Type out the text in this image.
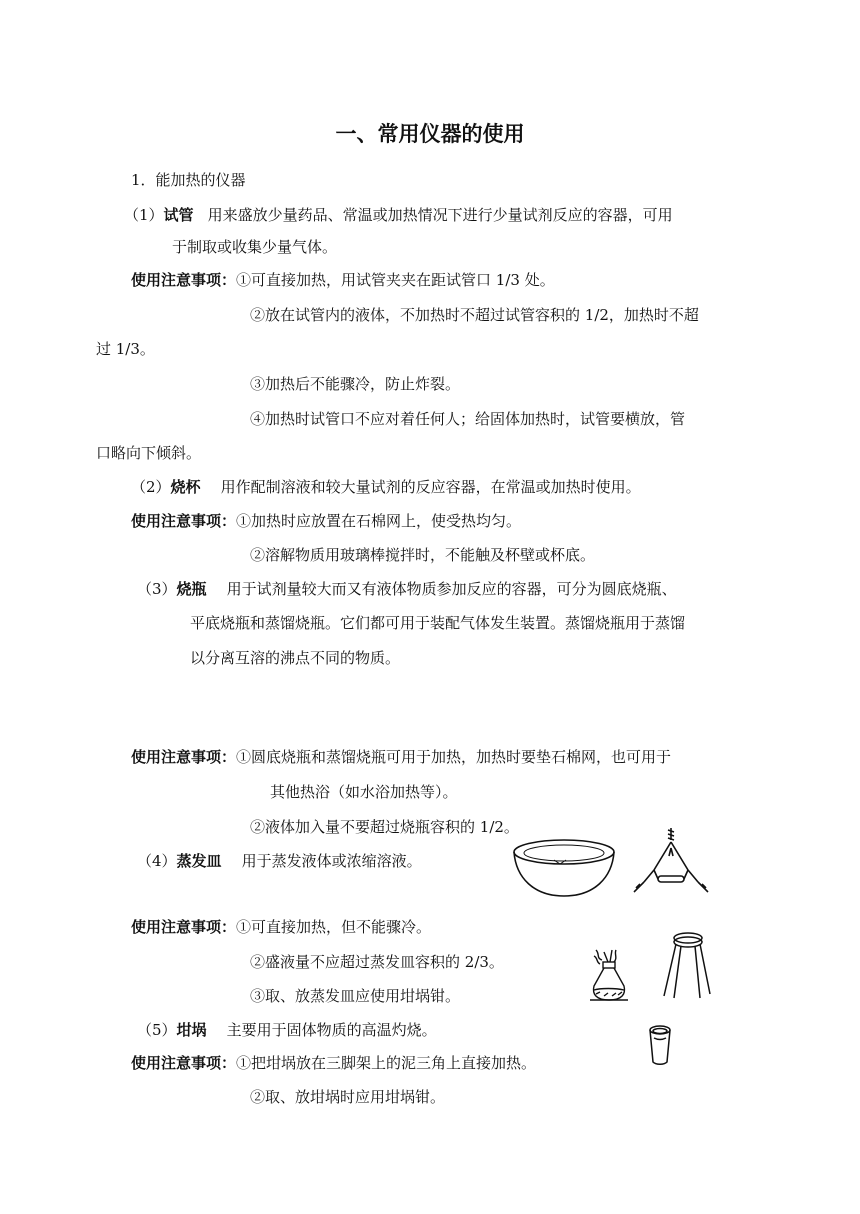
一、常用仪器的使用
1．能加热的仪器
（1）试管 用来盛放少量药品、常温或加热情况下进行少量试剂反应的容器，可用
于制取或收集少量气体。
使用注意事项：①可直接加热，用试管夹夹在距试管口 1/3 处。
②放在试管内的液体，不加热时不超过试管容积的 1/2，加热时不超
过 1/3。
③加热后不能骤冷，防止炸裂。
④加热时试管口不应对着任何人；给固体加热时，试管要横放，管
口略向下倾斜。
（2）烧杯 用作配制溶液和较大量试剂的反应容器，在常温或加热时使用。
使用注意事项：①加热时应放置在石棉网上，使受热均匀。
②溶解物质用玻璃棒搅拌时，不能触及杯壁或杯底。
（3）烧瓶 用于试剂量较大而又有液体物质参加反应的容器，可分为圆底烧瓶、
平底烧瓶和蒸馏烧瓶。它们都可用于装配气体发生装置。蒸馏烧瓶用于蒸馏
以分离互溶的沸点不同的物质。
使用注意事项：①圆底烧瓶和蒸馏烧瓶可用于加热，加热时要垫石棉网，也可用于
其他热浴（如水浴加热等）。
②液体加入量不要超过烧瓶容积的 1/2。
（4）蒸发皿 用于蒸发液体或浓缩溶液。
使用注意事项：①可直接加热，但不能骤冷。
②盛液量不应超过蒸发皿容积的 2/3。
③取、放蒸发皿应使用坩埚钳。
（5）坩埚 主要用于固体物质的高温灼烧。
使用注意事项：①把坩埚放在三脚架上的泥三角上直接加热。
②取、放坩埚时应用坩埚钳。
